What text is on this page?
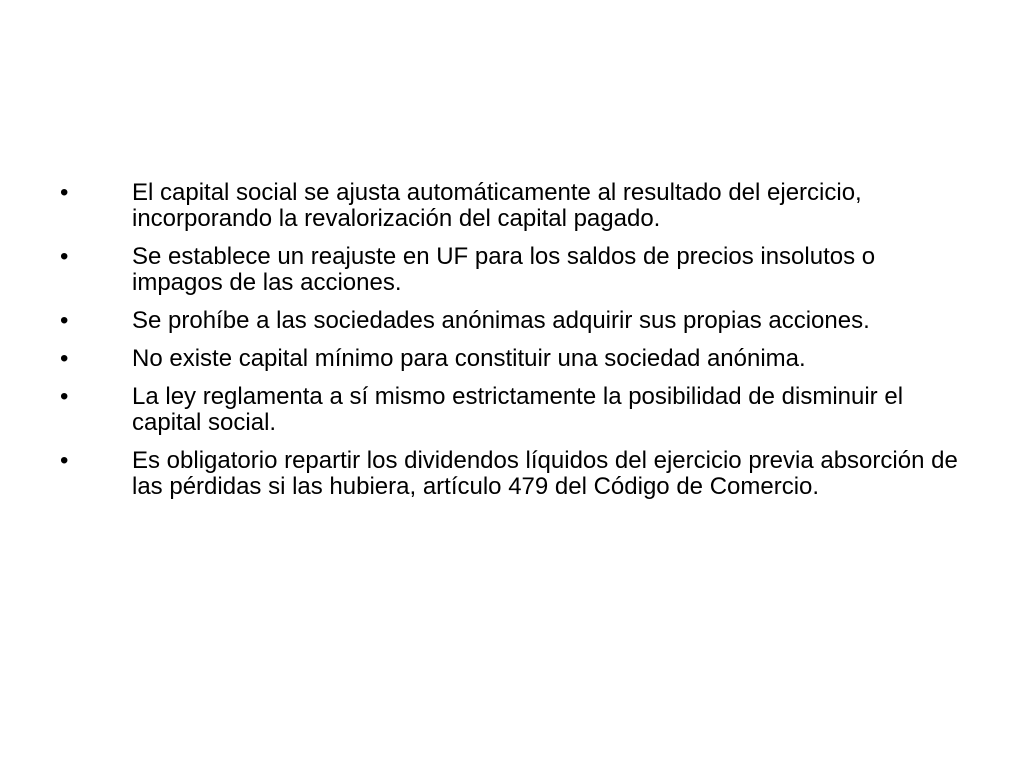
•	El capital social se ajusta automáticamente al resultado del ejercicio, incorporando la revalorización del capital pagado.
•	Se establece un reajuste en UF para los saldos de precios insolutos o impagos de las acciones.
•	Se prohíbe a las sociedades anónimas adquirir sus propias acciones.
•	No existe capital mínimo para constituir una sociedad anónima.
•	La ley reglamenta a sí mismo estrictamente la posibilidad de disminuir el capital social.
•	Es obligatorio repartir los dividendos líquidos del ejercicio previa absorción de las pérdidas si las hubiera, artículo 479 del Código de Comercio.
